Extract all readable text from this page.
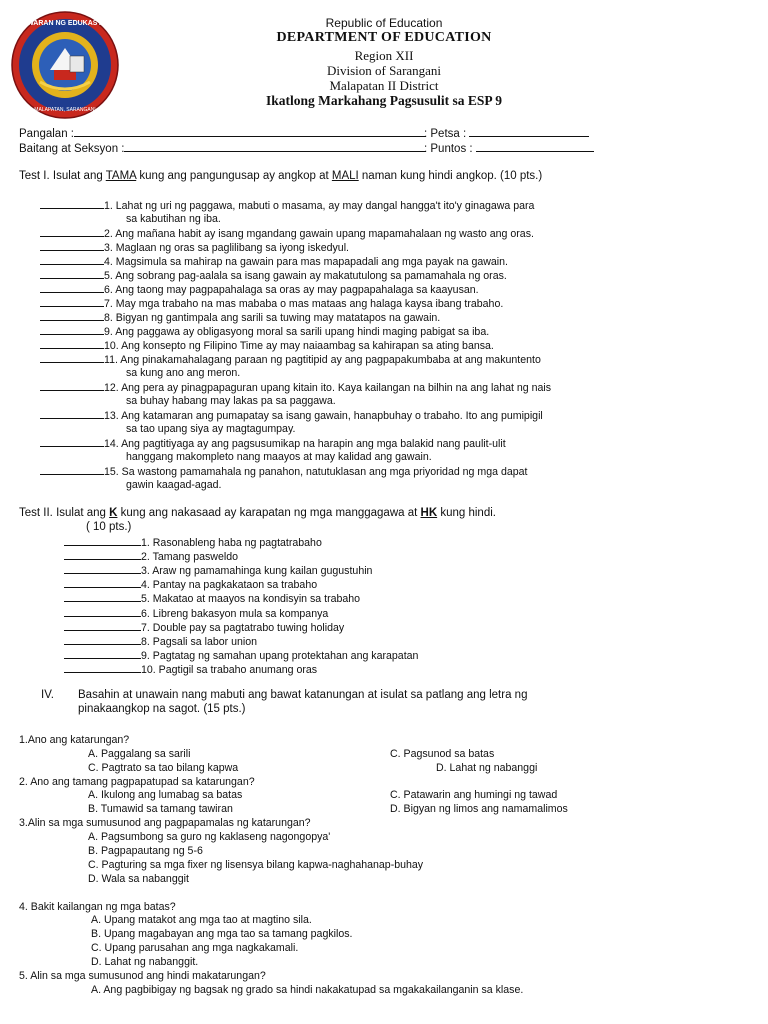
KAWARAN NG EDUKASYON
MALAPATAN, SARANGANI
Republic of Education
DEPARTMENT OF EDUCATION
Region XII
Division of Sarangani
Malapatan II District
Ikatlong Markahang Pagsusulit sa ESP 9
Pangalan :	: Petsa :
Baitang at Seksyon :	: Puntos :
Test I. Isulat ang TAMA kung ang pangungusap ay angkop at MALI naman kung hindi angkop. (10 pts.)
1. Lahat ng uri ng paggawa, mabuti o masama, ay may dangal hangga't ito'y ginagawa para
sa kabutihan ng iba.
2. Ang mañana habit ay isang mgandang gawain upang mapamahalaan ng wasto ang oras.
3. Maglaan ng oras sa paglilibang sa iyong iskedyul.
4. Magsimula sa mahirap na gawain para mas mapapadali ang mga payak na gawain.
5. Ang sobrang pag-aalala sa isang gawain ay makatutulong sa pamamahala ng oras.
6. Ang taong may pagpapahalaga sa oras ay may pagpapahalaga sa kaayusan.
7. May mga trabaho na mas mababa o mas mataas ang halaga kaysa ibang trabaho.
8. Bigyan ng gantimpala ang sarili sa tuwing may matatapos na gawain.
9. Ang paggawa ay obligasyong moral sa sarili upang hindi maging pabigat sa iba.
10. Ang konsepto ng Filipino Time ay may naiaambag sa kahirapan sa ating bansa.
11. Ang pinakamahalagang paraan ng pagtitipid ay ang pagpapakumbaba at ang makuntento
sa kung ano ang meron.
12. Ang pera ay pinagpapaguran upang kitain ito. Kaya kailangan na bilhin na ang lahat ng nais
sa buhay habang may lakas pa sa paggawa.
13. Ang katamaran ang pumapatay sa isang gawain, hanapbuhay o trabaho. Ito ang pumipigil
sa tao upang siya ay magtagumpay.
14. Ang pagtitiyaga ay ang pagsusumikap na harapin ang mga balakid nang paulit-ulit
hanggang makompleto nang maayos at may kalidad ang gawain.
15. Sa wastong pamamahala ng panahon, natutuklasan ang mga priyoridad ng mga dapat
gawin kaagad-agad.
Test II. Isulat ang K kung ang nakasaad ay karapatan ng mga manggagawa at HK kung hindi.
( 10 pts.)
1. Rasonableng haba ng pagtatrabaho
2. Tamang pasweldo
3. Araw ng pamamahinga kung kailan gugustuhin
4. Pantay na pagkakataon sa trabaho
5. Makatao at maayos na kondisyin sa trabaho
6. Libreng bakasyon mula sa kompanya
7. Double pay sa pagtatrabo tuwing holiday
8. Pagsali sa labor union
9. Pagtatag ng samahan upang protektahan ang karapatan
10. Pagtigil sa trabaho anumang oras
IV. Basahin at unawain nang mabuti ang bawat katanungan at isulat sa patlang ang letra ng
pinakaangkop na sagot. (15 pts.)
1.Ano ang katarungan?
A. Paggalang sa sarili	C. Pagsunod sa batas
C. Pagtrato sa tao bilang kapwa	D. Lahat ng nabanggi
2. Ano ang tamang pagpapatupad sa katarungan?
A. Ikulong ang lumabag sa batas	C. Patawarin ang humingi ng tawad
B. Tumawid sa tamang tawiran	D. Bigyan ng limos ang namamalimos
3.Alin sa mga sumusunod ang pagpapamalas ng katarungan?
A. Pagsumbong sa guro ng kaklaseng nagongopya'
B. Pagpapautang ng 5-6
C. Pagturing sa mga fixer ng lisensya bilang kapwa-naghahanap-buhay
D. Wala sa nabanggit
4. Bakit kailangan ng mga batas?
A. Upang matakot ang mga tao at magtino sila.
B. Upang magabayan ang mga tao sa tamang pagkilos.
C. Upang parusahan ang mga nagkakamali.
D. Lahat ng nabanggit.
5. Alin sa mga sumusunod ang hindi makatarungan?
A. Ang pagbibigay ng bagsak ng grado sa hindi nakakatupad sa mgakakailanganin sa klase.
